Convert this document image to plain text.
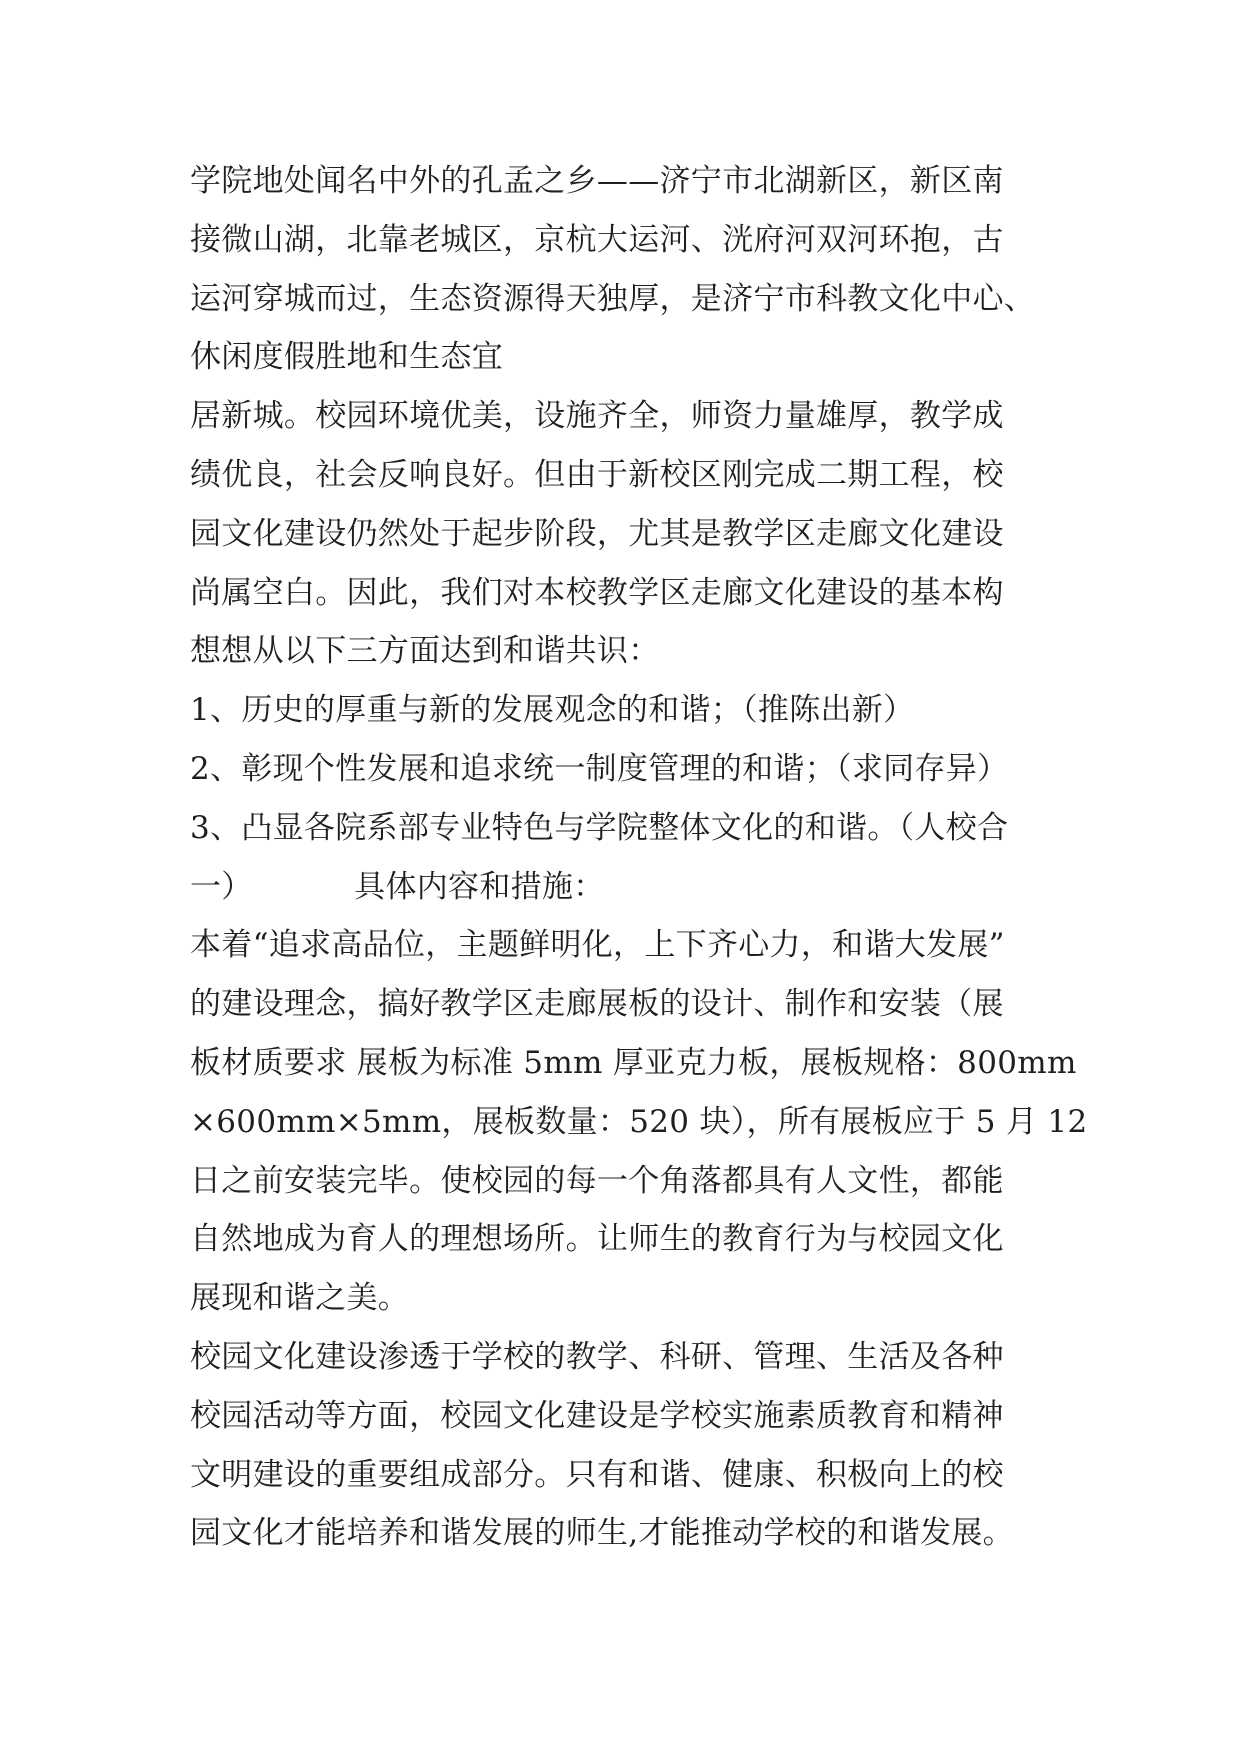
学院地处闻名中外的孔孟之乡——济宁市北湖新区，新区南
接微山湖，北靠老城区，京杭大运河、洸府河双河环抱，古
运河穿城而过，生态资源得天独厚，是济宁市科教文化中心、
休闲度假胜地和生态宜
居新城。校园环境优美，设施齐全，师资力量雄厚，教学成
绩优良，社会反响良好。但由于新校区刚完成二期工程，校
园文化建设仍然处于起步阶段，尤其是教学区走廊文化建设
尚属空白。因此，我们对本校教学区走廊文化建设的基本构
想想从以下三方面达到和谐共识：
1、历史的厚重与新的发展观念的和谐；（推陈出新）
2、彰现个性发展和追求统一制度管理的和谐；（求同存异）
3、凸显各院系部专业特色与学院整体文化的和谐。（人校合
一）          具体内容和措施：
本着“追求高品位，主题鲜明化，上下齐心力，和谐大发展”
的建设理念，搞好教学区走廊展板的设计、制作和安装（展
板材质要求 展板为标准 5mm 厚亚克力板，展板规格：800mm
×600mm×5mm，展板数量：520 块），所有展板应于 5 月 12
日之前安装完毕。使校园的每一个角落都具有人文性，都能
自然地成为育人的理想场所。让师生的教育行为与校园文化
展现和谐之美。
校园文化建设渗透于学校的教学、科研、管理、生活及各种
校园活动等方面，校园文化建设是学校实施素质教育和精神
文明建设的重要组成部分。只有和谐、健康、积极向上的校
园文化才能培养和谐发展的师生,才能推动学校的和谐发展。
